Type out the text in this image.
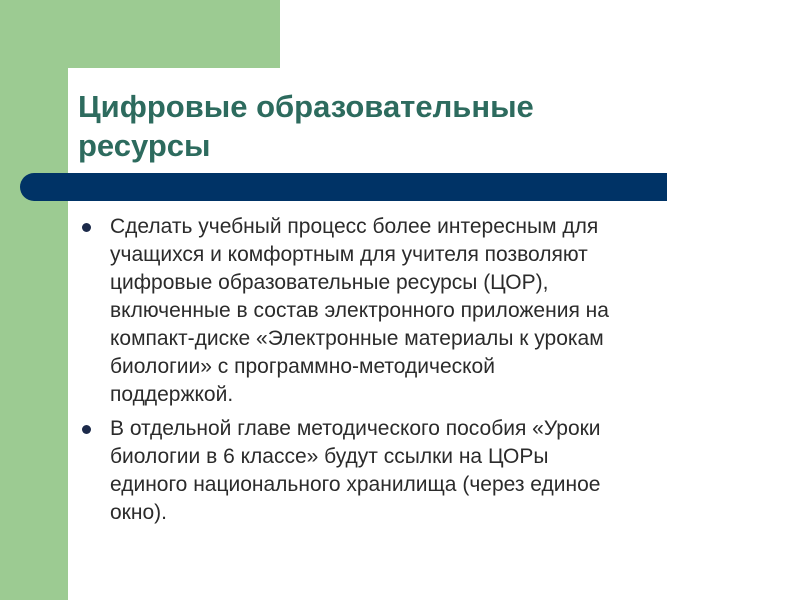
Цифровые образовательные
ресурсы
Сделать учебный процесс более интересным для
учащихся и комфортным для учителя позволяют
цифровые образовательные ресурсы (ЦОР),
включенные в состав электронного приложения на
компакт-диске «Электронные материалы к урокам
биологии» с программно-методической
поддержкой.
В отдельной главе методического пособия «Уроки
биологии в 6 классе» будут ссылки на ЦОРы
единого национального хранилища (через единое
окно).
